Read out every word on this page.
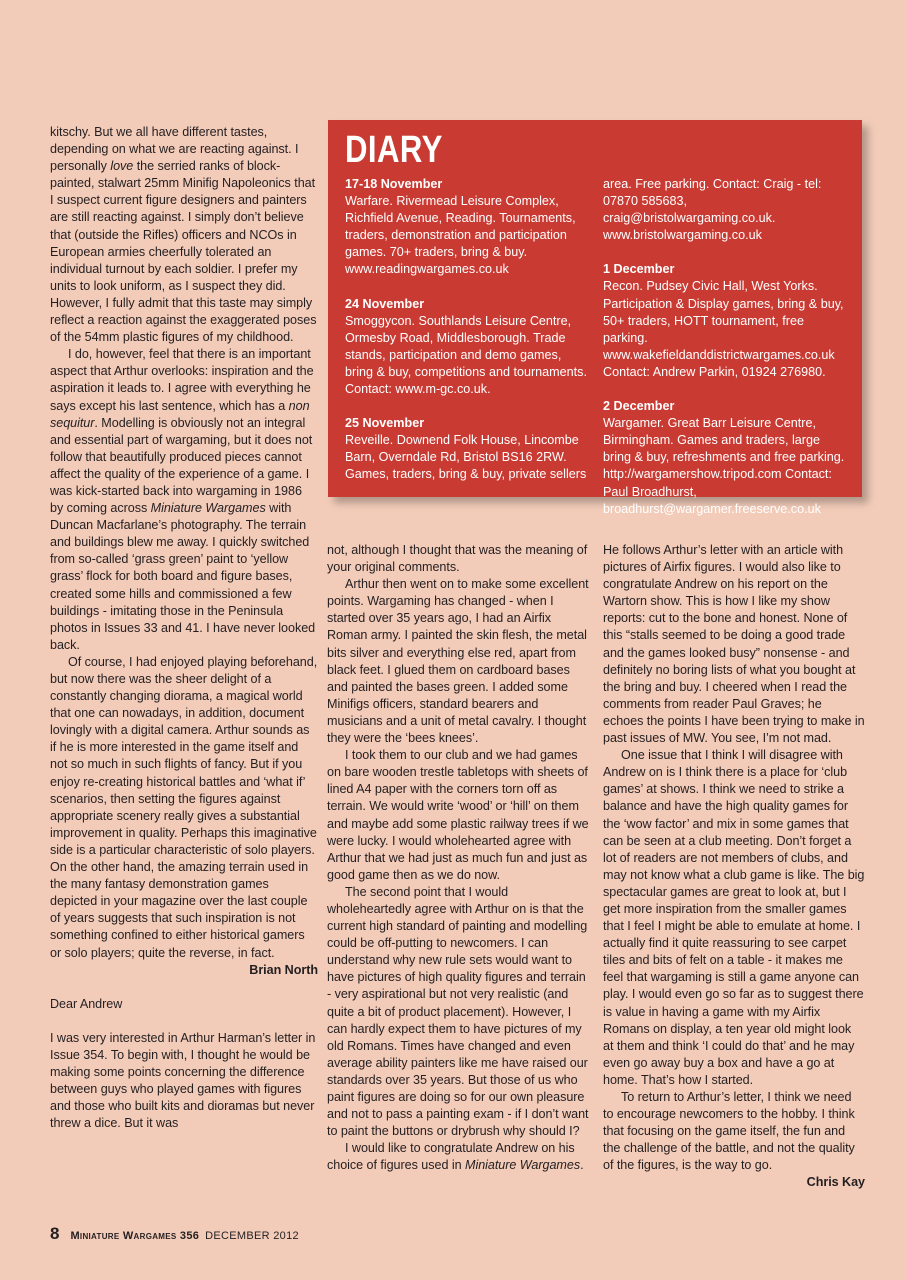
kitschy. But we all have different tastes, depending on what we are reacting against. I personally love the serried ranks of block-painted, stalwart 25mm Minifig Napoleonics that I suspect current figure designers and painters are still reacting against. I simply don’t believe that (outside the Rifles) officers and NCOs in European armies cheerfully tolerated an individual turnout by each soldier. I prefer my units to look uniform, as I suspect they did. However, I fully admit that this taste may simply reflect a reaction against the exaggerated poses of the 54mm plastic figures of my childhood.

I do, however, feel that there is an important aspect that Arthur overlooks: inspiration and the aspiration it leads to. I agree with everything he says except his last sentence, which has a non sequitur. Modelling is obviously not an integral and essential part of wargaming, but it does not follow that beautifully produced pieces cannot affect the quality of the experience of a game. I was kick-started back into wargaming in 1986 by coming across Miniature Wargames with Duncan Macfarlane’s photography. The terrain and buildings blew me away. I quickly switched from so-called ‘grass green’ paint to ‘yellow grass’ flock for both board and figure bases, created some hills and commissioned a few buildings - imitating those in the Peninsula photos in Issues 33 and 41. I have never looked back.

Of course, I had enjoyed playing beforehand, but now there was the sheer delight of a constantly changing diorama, a magical world that one can nowadays, in addition, document lovingly with a digital camera. Arthur sounds as if he is more interested in the game itself and not so much in such flights of fancy. But if you enjoy re-creating historical battles and ‘what if’ scenarios, then setting the figures against appropriate scenery really gives a substantial improvement in quality. Perhaps this imaginative side is a particular characteristic of solo players. On the other hand, the amazing terrain used in the many fantasy demonstration games depicted in your magazine over the last couple of years suggests that such inspiration is not something confined to either historical gamers or solo players; quite the reverse, in fact.

Brian North

Dear Andrew

I was very interested in Arthur Harman’s letter in Issue 354. To begin with, I thought he would be making some points concerning the difference between guys who played games with figures and those who built kits and dioramas but never threw a dice. But it was

DIARY
17-18 November
Warfare. Rivermead Leisure Complex, Richfield Avenue, Reading. Tournaments, traders, demonstration and participation games. 70+ traders, bring & buy. www.readingwargames.co.uk
24 November
Smoggycon. Southlands Leisure Centre, Ormesby Road, Middlesborough. Trade stands, participation and demo games, bring & buy, competitions and tournaments. Contact: www.m-gc.co.uk.
25 November
Reveille. Downend Folk House, Lincombe Barn, Overndale Rd, Bristol BS16 2RW. Games, traders, bring & buy, private sellers
area. Free parking. Contact: Craig - tel: 07870 585683, craig@bristolwargaming.co.uk. www.bristolwargaming.co.uk
1 December
Recon. Pudsey Civic Hall, West Yorks. Participation & Display games, bring & buy, 50+ traders, HOTT tournament, free parking. www.wakefieldanddistrictwargames.co.uk Contact: Andrew Parkin, 01924 276980.
2 December
Wargamer. Great Barr Leisure Centre, Birmingham. Games and traders, large bring & buy, refreshments and free parking. http://wargamershow.tripod.com Contact: Paul Broadhurst, broadhurst@wargamer.freeserve.co.uk

not, although I thought that was the meaning of your original comments.

Arthur then went on to make some excellent points. Wargaming has changed - when I started over 35 years ago, I had an Airfix Roman army. I painted the skin flesh, the metal bits silver and everything else red, apart from black feet. I glued them on cardboard bases and painted the bases green. I added some Minifigs officers, standard bearers and musicians and a unit of metal cavalry. I thought they were the ‘bees knees’.

I took them to our club and we had games on bare wooden trestle tabletops with sheets of lined A4 paper with the corners torn off as terrain. We would write ‘wood’ or ‘hill’ on them and maybe add some plastic railway trees if we were lucky. I would wholehearted agree with Arthur that we had just as much fun and just as good game then as we do now.

The second point that I would wholeheartedly agree with Arthur on is that the current high standard of painting and modelling could be off-putting to newcomers. I can understand why new rule sets would want to have pictures of high quality figures and terrain - very aspirational but not very realistic (and quite a bit of product placement). However, I can hardly expect them to have pictures of my old Romans. Times have changed and even average ability painters like me have raised our standards over 35 years. But those of us who paint figures are doing so for our own pleasure and not to pass a painting exam - if I don’t want to paint the buttons or drybrush why should I?

I would like to congratulate Andrew on his choice of figures used in Miniature Wargames.

He follows Arthur’s letter with an article with pictures of Airfix figures. I would also like to congratulate Andrew on his report on the Wartorn show. This is how I like my show reports: cut to the bone and honest. None of this “stalls seemed to be doing a good trade and the games looked busy” nonsense - and definitely no boring lists of what you bought at the bring and buy. I cheered when I read the comments from reader Paul Graves; he echoes the points I have been trying to make in past issues of MW. You see, I’m not mad.

One issue that I think I will disagree with Andrew on is I think there is a place for ‘club games’ at shows. I think we need to strike a balance and have the high quality games for the ‘wow factor’ and mix in some games that can be seen at a club meeting. Don’t forget a lot of readers are not members of clubs, and may not know what a club game is like. The big spectacular games are great to look at, but I get more inspiration from the smaller games that I feel I might be able to emulate at home. I actually find it quite reassuring to see carpet tiles and bits of felt on a table - it makes me feel that wargaming is still a game anyone can play. I would even go so far as to suggest there is value in having a game with my Airfix Romans on display, a ten year old might look at them and think ‘I could do that’ and he may even go away buy a box and have a go at home. That’s how I started.

To return to Arthur’s letter, I think we need to encourage newcomers to the hobby. I think that focusing on the game itself, the fun and the challenge of the battle, and not the quality of the figures, is the way to go.

Chris Kay

8 Miniature Wargames 356 DECEMBER 2012
